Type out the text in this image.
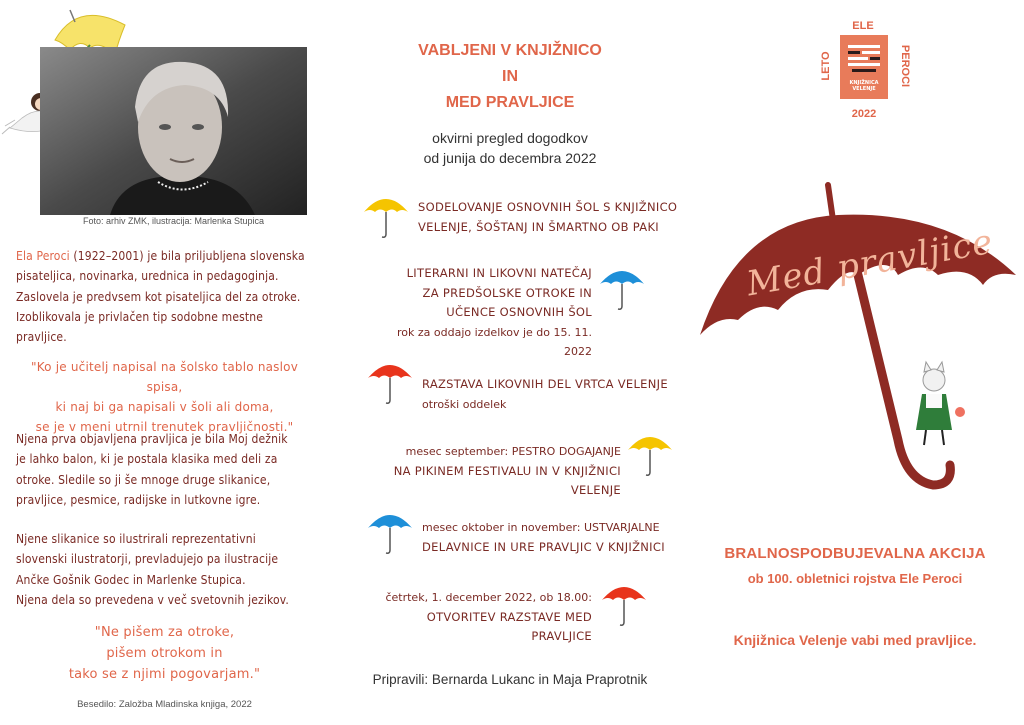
Foto: arhiv ZMK, ilustracija: Marlenka Stupica
Ela Peroci (1922–2001) je bila priljubljena slovenska
pisateljica, novinarka, urednica in pedagoginja.
Zaslovela je predvsem kot pisateljica del za otroke.
Izoblikovala je privlačen tip sodobne mestne
pravljice.
"Ko je učitelj napisal na šolsko tablo naslov spisa,
ki naj bi ga napisali v šoli ali doma,
se je v meni utrnil trenutek pravljičnosti."
Njena prva objavljena pravljica je bila Moj dežnik
je lahko balon, ki je postala klasika med deli za
otroke. Sledile so ji še mnoge druge slikanice,
pravljice, pesmice, radijske in lutkovne igre.
Njene slikanice so ilustrirali reprezentativni
slovenski ilustratorji, prevladujejo pa ilustracije
Ančke Gošnik Godec in Marlenke Stupica.
Njena dela so prevedena v več svetovnih jezikov.
"Ne pišem za otroke,
pišem otrokom in
tako se z njimi pogovarjam."
Besedilo: Založba Mladinska knjiga, 2022
VABLJENI V KNJIŽNICO
IN
MED PRAVLJICE
okvirni pregled dogodkov
od junija do decembra 2022
SODELOVANJE OSNOVNIH ŠOL S KNJIŽNICO
VELENJE, ŠOŠTANJ IN ŠMARTNO OB PAKI
LITERARNI IN LIKOVNI NATEČAJ
ZA PREDŠOLSKE OTROKE IN
UČENCE OSNOVNIH ŠOL
rok za oddajo izdelkov je do 15. 11. 2022
RAZSTAVA LIKOVNIH DEL VRTCA VELENJE
otroški oddelek
mesec september: PESTRO DOGAJANJE
NA PIKINEM FESTIVALU IN V KNJIŽNICI VELENJE
mesec oktober in november: USTVARJALNE
DELAVNICE IN URE PRAVLJIC V KNJIŽNICI
četrtek, 1. december 2022, ob 18.00:
OTVORITEV RAZSTAVE MED PRAVLJICE
Pripravili: Bernarda Lukanc in Maja Praprotnik
ELE
KNJIŽNICA VELENJE
LETO	PEROCI
2022
Med pravljice
BRALNOSPODBUJEVALNA AKCIJA
ob 100. obletnici rojstva Ele Peroci
Knjižnica Velenje vabi med pravljice.
